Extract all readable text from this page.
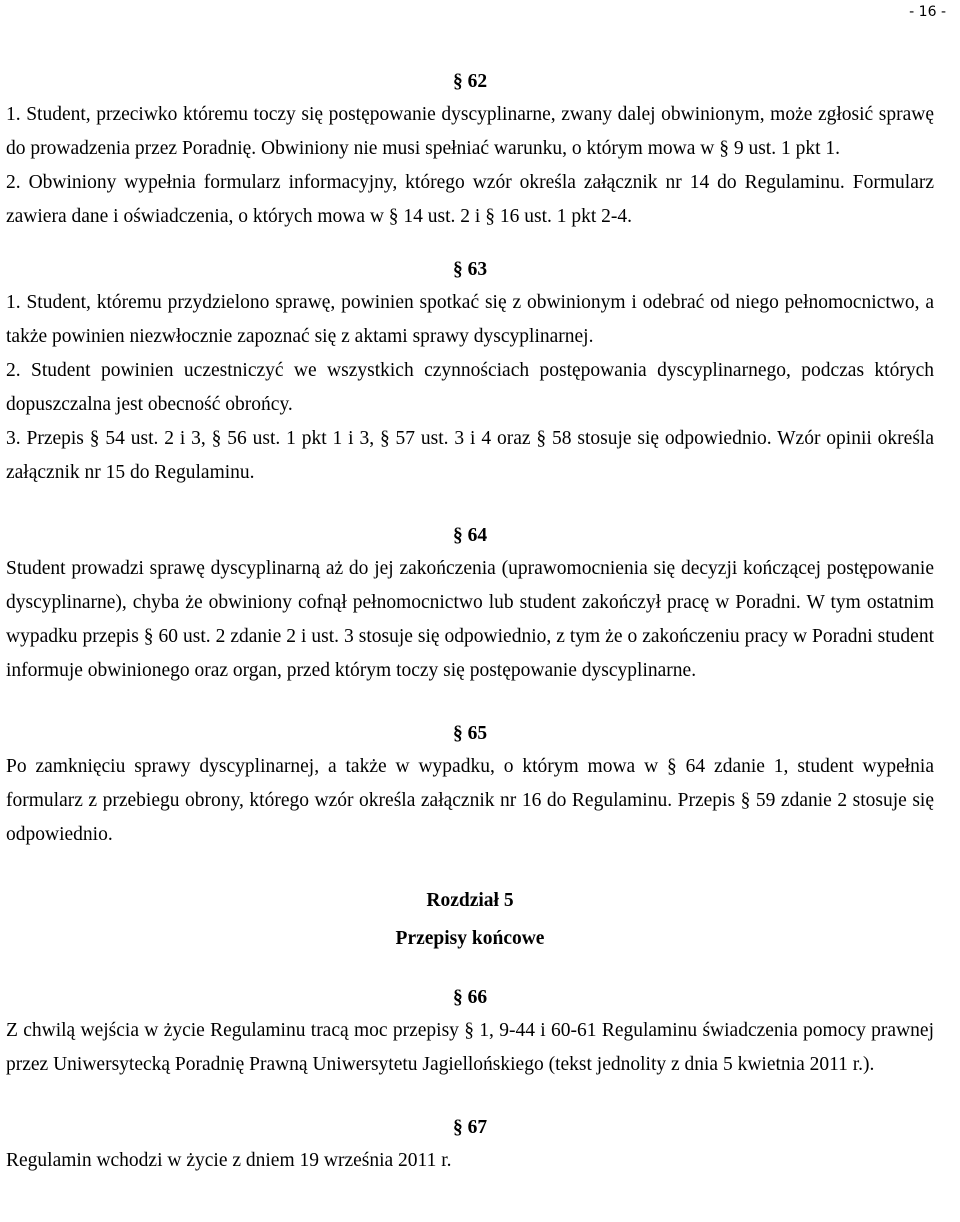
- 16 -
§ 62
1. Student, przeciwko któremu toczy się postępowanie dyscyplinarne, zwany dalej obwinionym, może zgłosić sprawę do prowadzenia przez Poradnię. Obwiniony nie musi spełniać warunku, o którym mowa w § 9 ust. 1 pkt 1.
2. Obwiniony wypełnia formularz informacyjny, którego wzór określa załącznik nr 14 do Regulaminu. Formularz zawiera dane i oświadczenia, o których mowa w § 14 ust. 2 i § 16 ust. 1 pkt 2-4.
§ 63
1. Student, któremu przydzielono sprawę, powinien spotkać się z obwinionym i odebrać od niego pełnomocnictwo, a także powinien niezwłocznie zapoznać się z aktami sprawy dyscyplinarnej.
2. Student powinien uczestniczyć we wszystkich czynnościach postępowania dyscyplinarnego, podczas których dopuszczalna jest obecność obrońcy.
3. Przepis § 54 ust. 2 i 3, § 56 ust. 1 pkt 1 i 3, § 57 ust. 3 i 4 oraz § 58 stosuje się odpowiednio. Wzór opinii określa załącznik nr 15 do Regulaminu.
§ 64
Student prowadzi sprawę dyscyplinarną aż do jej zakończenia (uprawomocnienia się decyzji kończącej postępowanie dyscyplinarne), chyba że obwiniony cofnął pełnomocnictwo lub student zakończył pracę w Poradni. W tym ostatnim wypadku przepis § 60 ust. 2 zdanie 2 i ust. 3 stosuje się odpowiednio, z tym że o zakończeniu pracy w Poradni student informuje obwinionego oraz organ, przed którym toczy się postępowanie dyscyplinarne.
§ 65
Po zamknięciu sprawy dyscyplinarnej, a także w wypadku, o którym mowa w § 64 zdanie 1, student wypełnia formularz z przebiegu obrony, którego wzór określa załącznik nr 16 do Regulaminu. Przepis § 59 zdanie 2 stosuje się odpowiednio.
Rozdział 5
Przepisy końcowe
§ 66
Z chwilą wejścia w życie Regulaminu tracą moc przepisy § 1, 9-44 i 60-61 Regulaminu świadczenia pomocy prawnej przez Uniwersytecką Poradnię Prawną Uniwersytetu Jagiellońskiego (tekst jednolity z dnia 5 kwietnia 2011 r.).
§ 67
Regulamin wchodzi w życie z dniem 19 września 2011 r.
